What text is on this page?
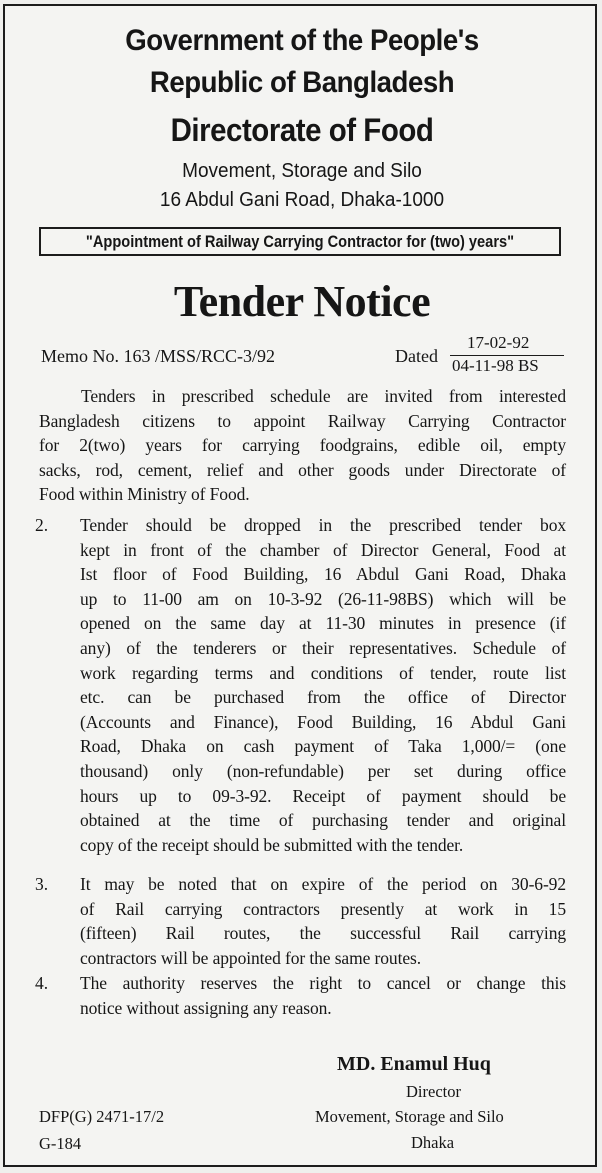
Government of the People's
Republic of Bangladesh
Directorate of Food
Movement, Storage and Silo
16 Abdul Gani Road, Dhaka-1000
"Appointment of Railway Carrying Contractor for (two) years"
Tender Notice
Memo No. 163 /MSS/RCC-3/92	Dated
17-02-92
04-11-98 BS
Tenders in prescribed schedule are invited from interested
Bangladesh citizens to appoint Railway Carrying Contractor
for 2(two) years for carrying foodgrains, edible oil, empty
sacks, rod, cement, relief and other goods under Directorate of
Food within Ministry of Food.
2. Tender should be dropped in the prescribed tender box
kept in front of the chamber of Director General, Food at
Ist floor of Food Building, 16 Abdul Gani Road, Dhaka
up to 11-00 am on 10-3-92 (26-11-98BS) which will be
opened on the same day at 11-30 minutes in presence (if
any) of the tenderers or their representatives. Schedule of
work regarding terms and conditions of tender, route list
etc. can be purchased from the office of Director
(Accounts and Finance), Food Building, 16 Abdul Gani
Road, Dhaka on cash payment of Taka 1,000/= (one
thousand) only (non-refundable) per set during office
hours up to 09-3-92. Receipt of payment should be
obtained at the time of purchasing tender and original
copy of the receipt should be submitted with the tender.
3. It may be noted that on expire of the period on 30-6-92
of Rail carrying contractors presently at work in 15
(fifteen) Rail routes, the successful Rail carrying
contractors will be appointed for the same routes.
4. The authority reserves the right to cancel or change this
notice without assigning any reason.
MD. Enamul Huq
Director
Movement, Storage and Silo
Dhaka
DFP(G) 2471-17/2
G-184
